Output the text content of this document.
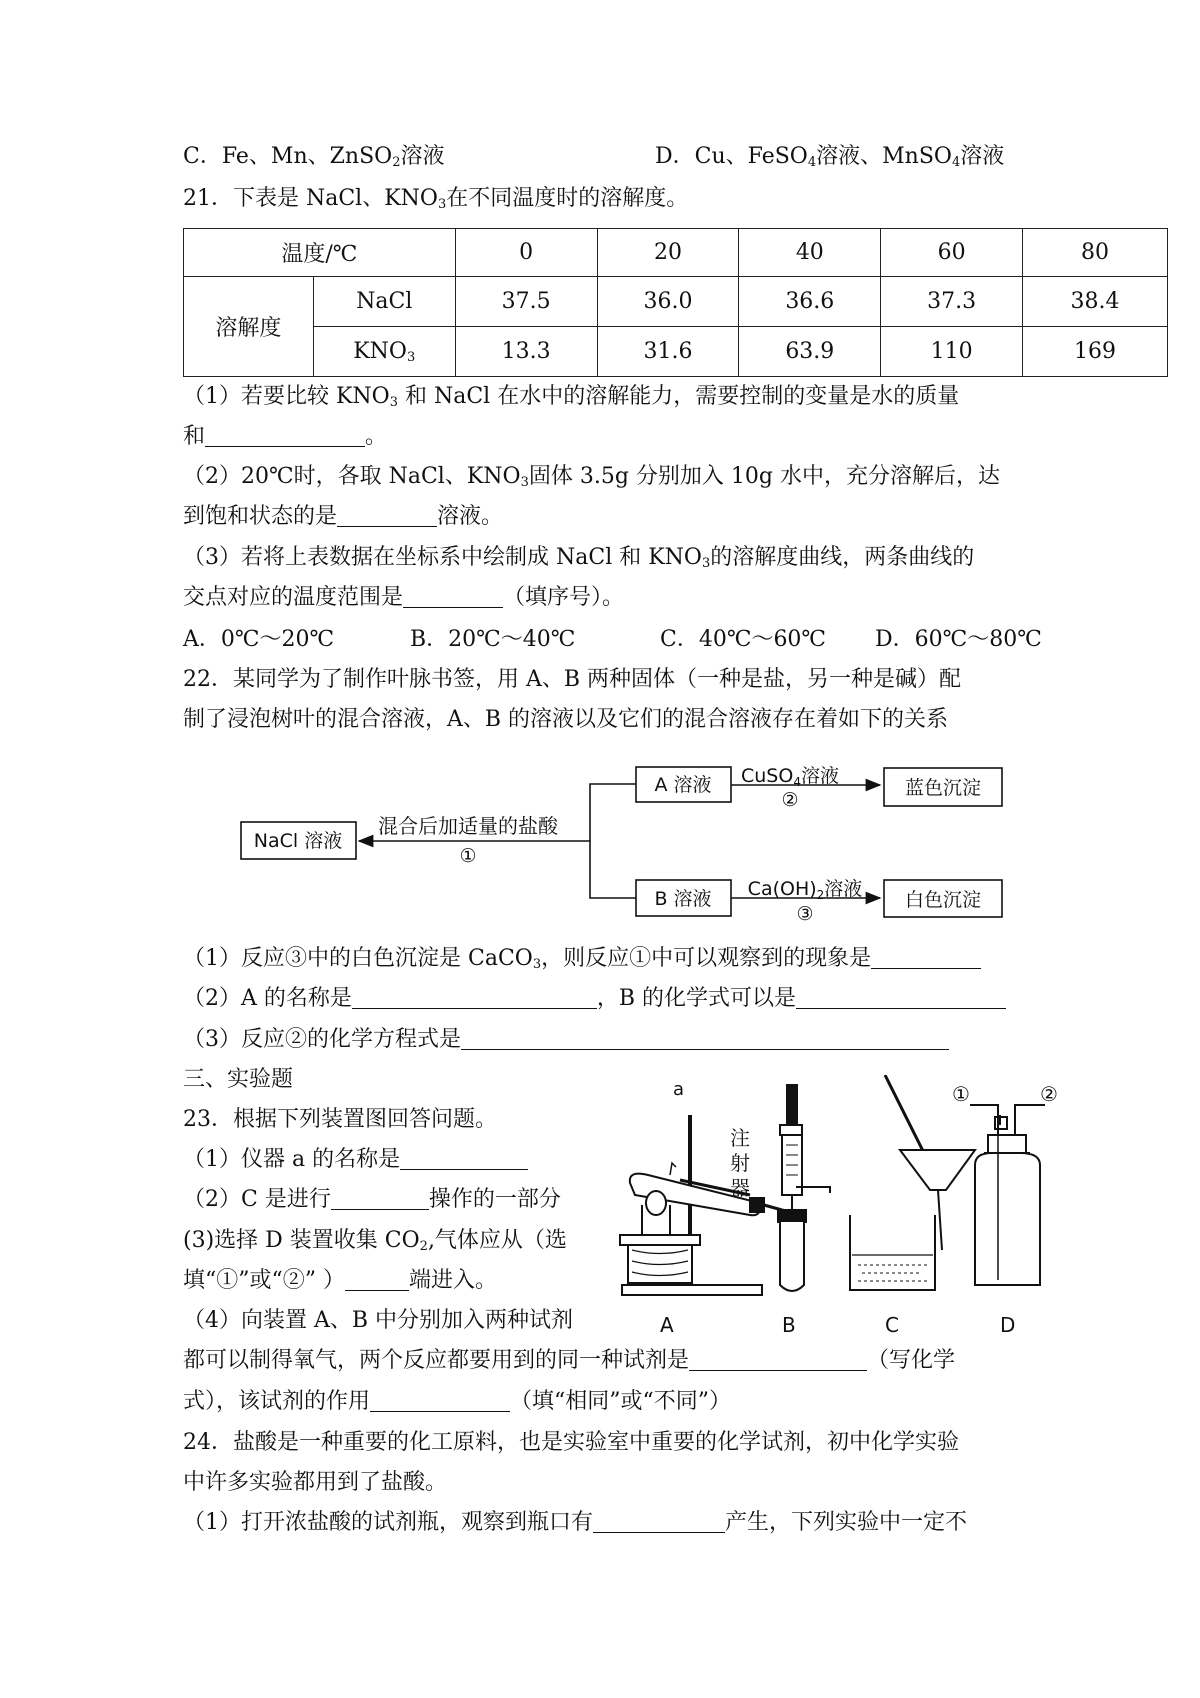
C．Fe、Mn、ZnSO$_2$溶液	D．Cu、FeSO$_4$溶液、MnSO$_4$溶液
21．下表是 NaCl、$KNO_3$在不同温度时的溶解度。
温度/℃		0	20	40	60	80
溶解度	NaCl	37.5	36.0	36.6	37.3	38.4
	$KNO_3$	13.3	31.6	63.9	110	169
（1）若要比较 $KNO_3$ 和 NaCl 在水中的溶解能力，需要控制的变量是水的质量
和	。
（2）20℃时，各取 NaCl、$KNO_3$固体 3.5g 分别加入 10g 水中，充分溶解后，达
到饱和状态的是	溶液。
（3）若将上表数据在坐标系中绘制成 NaCl 和 $KNO_3$的溶解度曲线，两条曲线的
交点对应的温度范围是	（填序号）。
A．0℃～20℃	B．20℃～40℃	C．40℃～60℃ D．60℃～80℃
22．某同学为了制作叶脉书签，用 A、B 两种固体（一种是盐，另一种是碱）配
制了浸泡树叶的混合溶液，A、B 的溶液以及它们的混合溶液存在着如下的关系
NaCl 溶液
混合后加适量的盐酸
①
A 溶液 CuSO$_4$溶液
②
蓝色沉淀
B 溶液 $Ca(OH)_2$溶液
③
白色沉淀
（1）反应③中的白色沉淀是 CaCO$_3$，则反应①中可以观察到的现象是
（2）A 的名称是	，B 的化学式可以是
（3）反应②的化学方程式是
三、实验题
23．根据下列装置图回答问题。
（1）仪器 a 的名称是
（2）C 是进行	操作的一部分
(3)选择 D 装置收集 $CO_2$,气体应从（选
填“①”或“②” ）	端进入。
（4）向装置 A、B 中分别加入两种试剂
都可以制得氧气，两个反应都要用到的同一种试剂是	（写化学
式），该试剂的作用	（填“相同”或“不同”）
a
注
射
器
①	②
A	B	C	D
24．盐酸是一种重要的化工原料，也是实验室中重要的化学试剂，初中化学实验
中许多实验都用到了盐酸。
（1）打开浓盐酸的试剂瓶，观察到瓶口有	产生，下列实验中一定不
